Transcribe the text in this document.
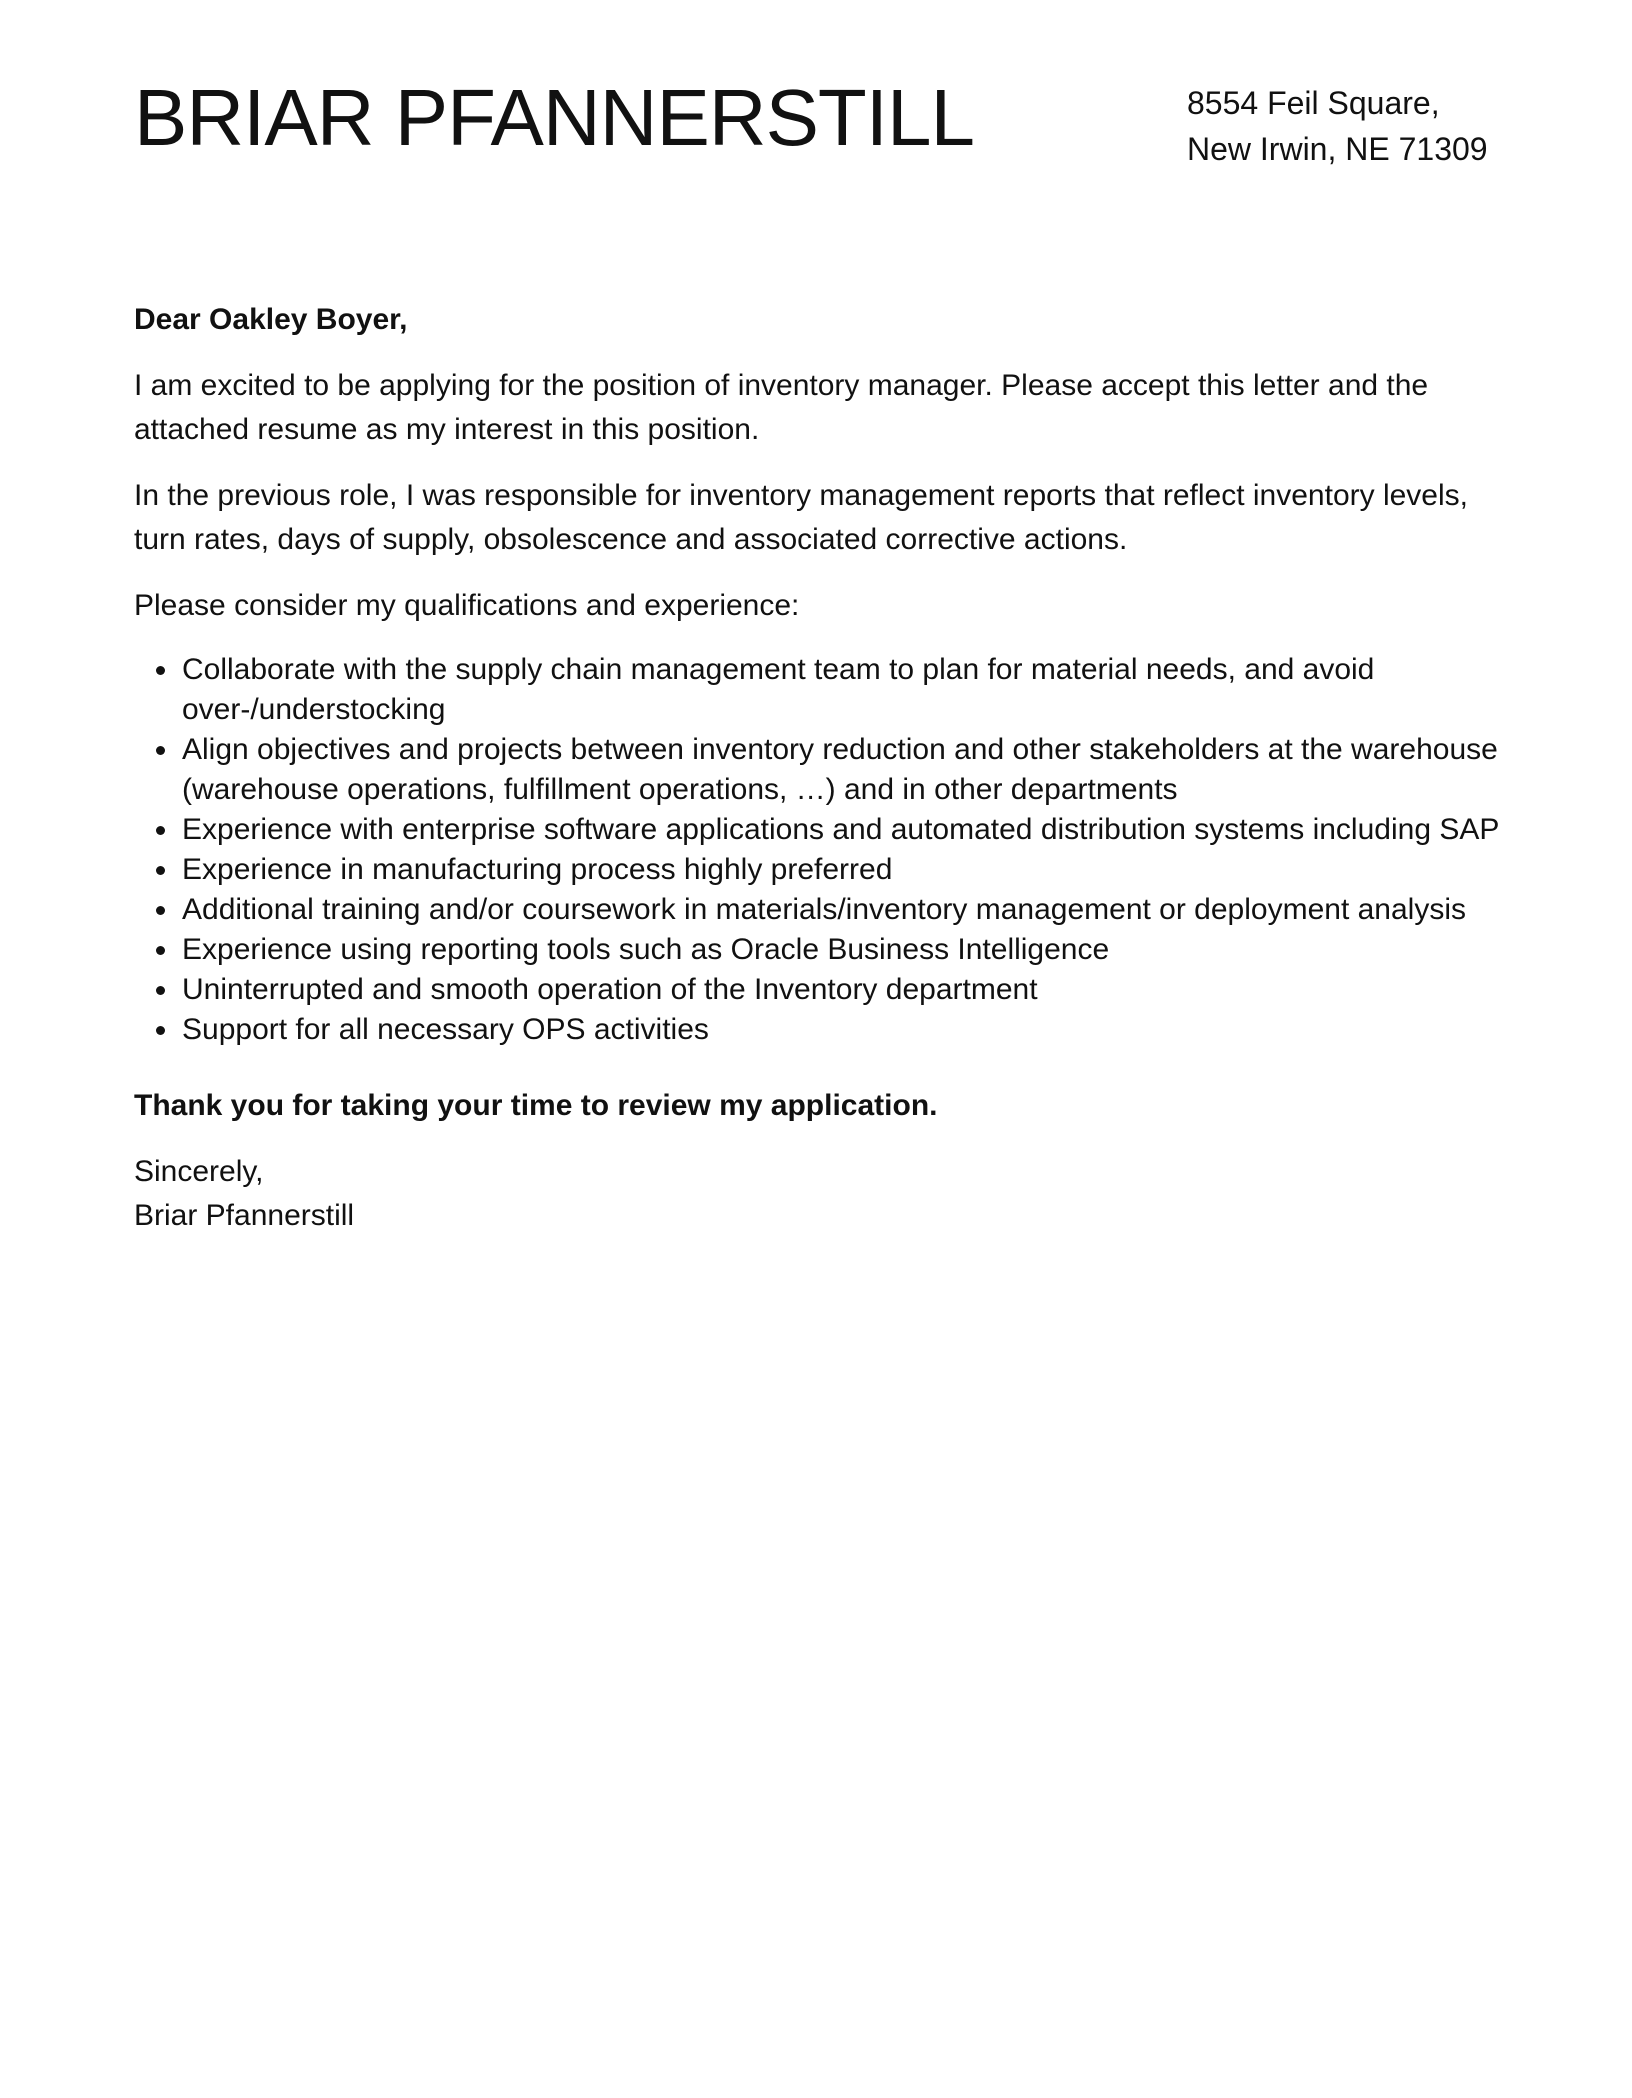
BRIAR PFANNERSTILL	8554 Feil Square,
New Irwin, NE 71309

Dear Oakley Boyer,

I am excited to be applying for the position of inventory manager. Please accept this letter and the attached resume as my interest in this position.

In the previous role, I was responsible for inventory management reports that reflect inventory levels, turn rates, days of supply, obsolescence and associated corrective actions.

Please consider my qualifications and experience:

Collaborate with the supply chain management team to plan for material needs, and avoid over-/understocking
Align objectives and projects between inventory reduction and other stakeholders at the warehouse (warehouse operations, fulfillment operations, …) and in other departments
Experience with enterprise software applications and automated distribution systems including SAP
Experience in manufacturing process highly preferred
Additional training and/or coursework in materials/inventory management or deployment analysis
Experience using reporting tools such as Oracle Business Intelligence
Uninterrupted and smooth operation of the Inventory department
Support for all necessary OPS activities

Thank you for taking your time to review my application.

Sincerely,
Briar Pfannerstill
